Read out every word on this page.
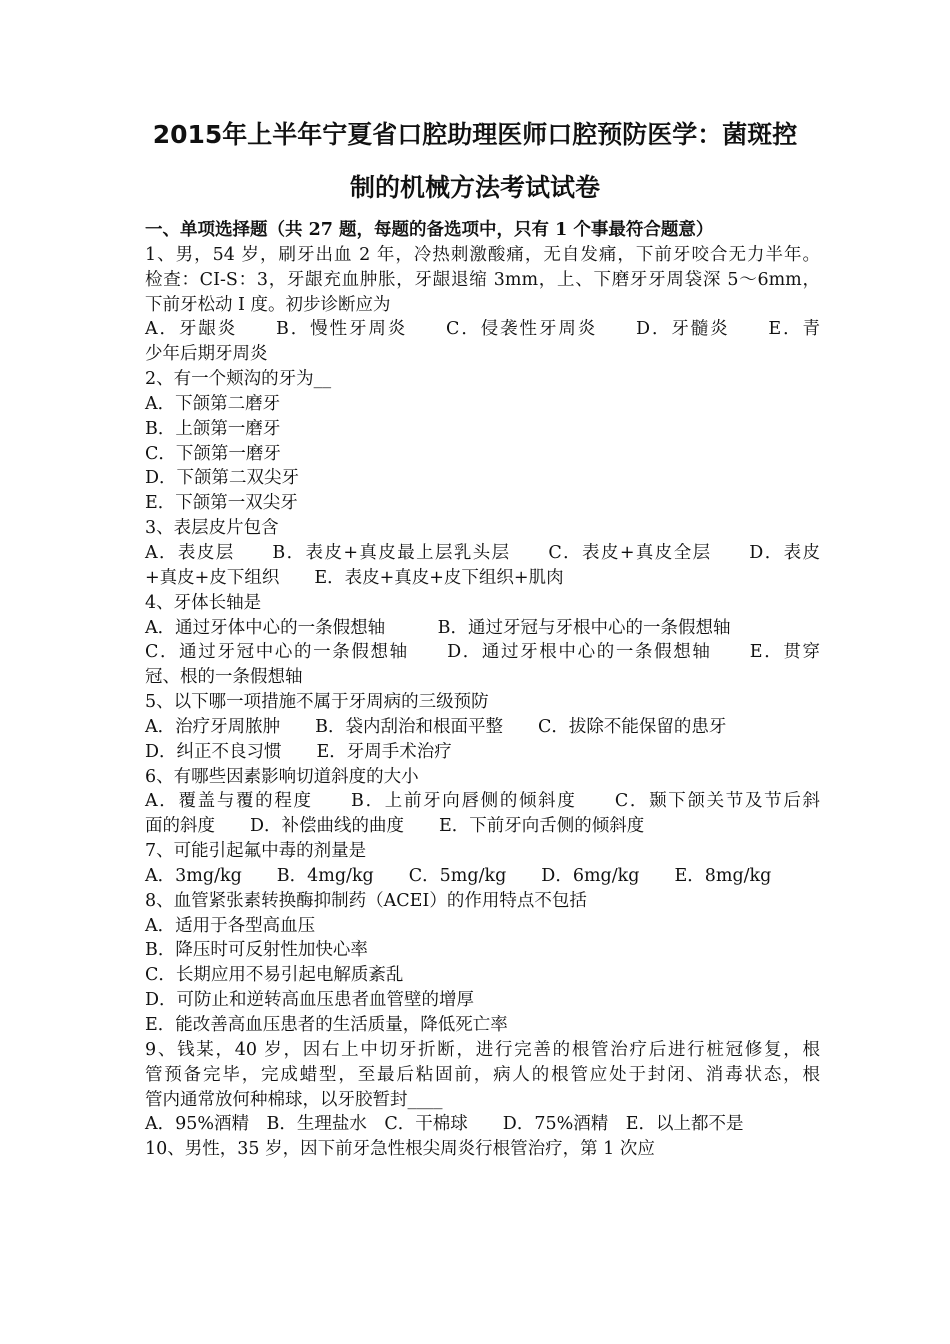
2015年上半年宁夏省口腔助理医师口腔预防医学：菌斑控
制的机械方法考试试卷
一、单项选择题（共 27 题，每题的备选项中，只有 1 个事最符合题意）
1、男，54 岁，刷牙出血 2 年，冷热刺激酸痛，无自发痛，下前牙咬合无力半年。
检查：CI-S：3，牙龈充血肿胀，牙龈退缩 3mm，上、下磨牙牙周袋深 5～6mm，
下前牙松动 I 度。初步诊断应为
A．牙龈炎　　B．慢性牙周炎　　C．侵袭性牙周炎　　D．牙髓炎　　E．青
少年后期牙周炎
2、有一个颊沟的牙为__
A．下颌第二磨牙
B．上颌第一磨牙
C．下颌第一磨牙
D．下颌第二双尖牙
E．下颌第一双尖牙
3、表层皮片包含
A．表皮层　　B．表皮+真皮最上层乳头层　　C．表皮+真皮全层　　D．表皮
+真皮+皮下组织　　E．表皮+真皮+皮下组织+肌肉
4、牙体长轴是
A．通过牙体中心的一条假想轴　　　B．通过牙冠与牙根中心的一条假想轴
C．通过牙冠中心的一条假想轴　　D．通过牙根中心的一条假想轴　　E．贯穿
冠、根的一条假想轴
5、以下哪一项措施不属于牙周病的三级预防
A．治疗牙周脓肿　　B．袋内刮治和根面平整　　C．拔除不能保留的患牙
D．纠正不良习惯　　E．牙周手术治疗
6、有哪些因素影响切道斜度的大小
A．覆盖与覆的程度　　B．上前牙向唇侧的倾斜度　　C．颞下颌关节及节后斜
面的斜度　　D．补偿曲线的曲度　　E．下前牙向舌侧的倾斜度
7、可能引起氟中毒的剂量是
A．3mg/kg　　B．4mg/kg　　C．5mg/kg　　D．6mg/kg　　E．8mg/kg
8、血管紧张素转换酶抑制药（ACEI）的作用特点不包括
A．适用于各型高血压
B．降压时可反射性加快心率
C．长期应用不易引起电解质紊乱
D．可防止和逆转高血压患者血管壁的增厚
E．能改善高血压患者的生活质量，降低死亡率
9、钱某，40 岁，因右上中切牙折断，进行完善的根管治疗后进行桩冠修复，根
管预备完毕，完成蜡型，至最后粘固前，病人的根管应处于封闭、消毒状态，根
管内通常放何种棉球，以牙胶暂封____
A．95%酒精　B．生理盐水　C．干棉球　　D．75%酒精　E．以上都不是
10、男性，35 岁，因下前牙急性根尖周炎行根管治疗，第 1 次应
